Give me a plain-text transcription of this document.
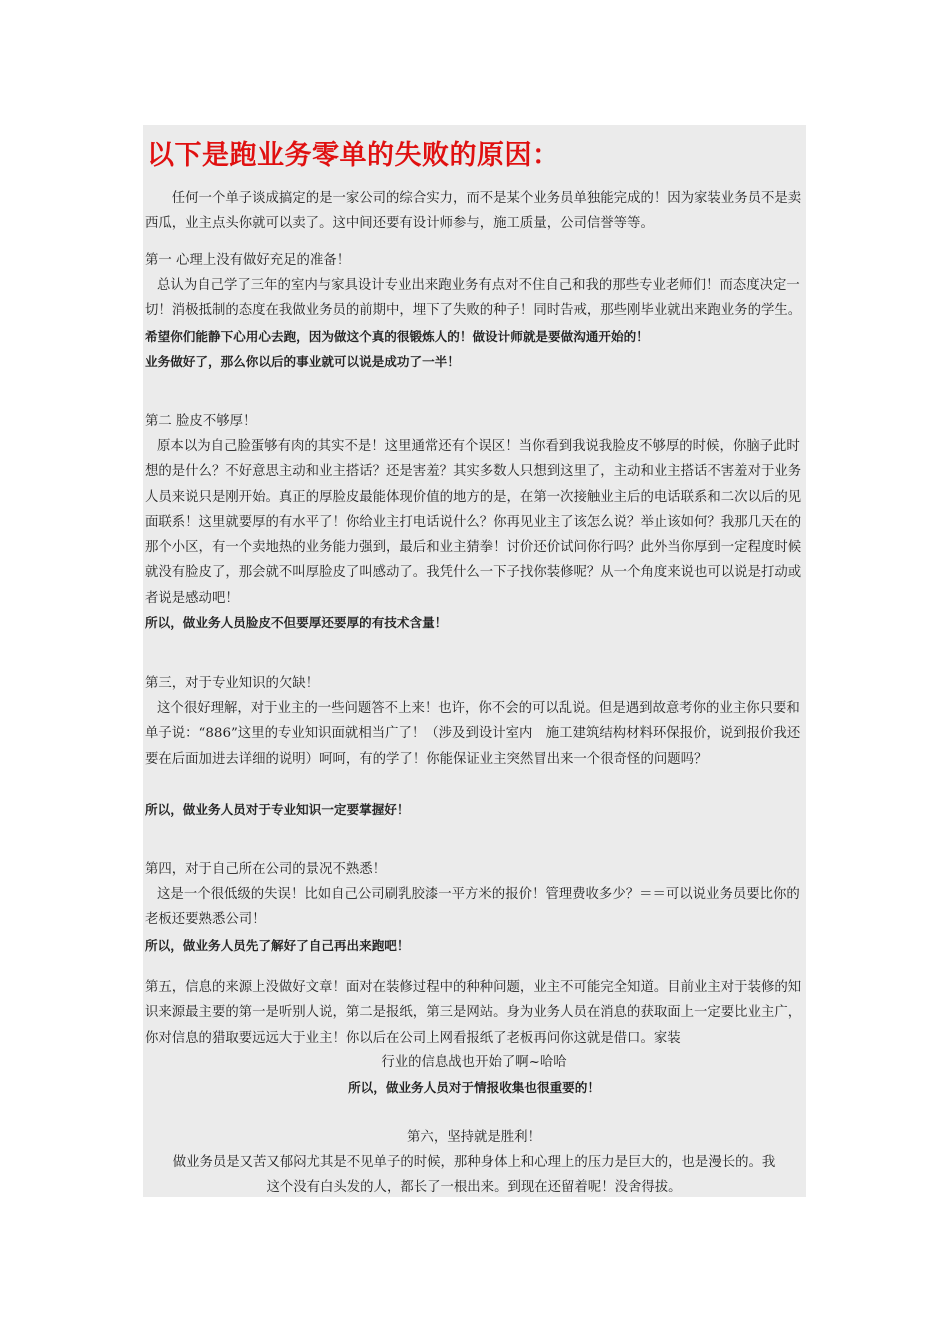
以下是跑业务零单的失败的原因：

任何一个单子谈成搞定的是一家公司的综合实力，而不是某个业务员单独能完成的！因为家装业务员不是卖西瓜，业主点头你就可以卖了。这中间还要有设计师参与，施工质量，公司信誉等等。

第一 心理上没有做好充足的准备！

总认为自己学了三年的室内与家具设计专业出来跑业务有点对不住自己和我的那些专业老师们！而态度决定一切！消极抵制的态度在我做业务员的前期中，埋下了失败的种子！同时告戒，那些刚毕业就出来跑业务的学生。希望你们能静下心用心去跑，因为做这个真的很锻炼人的！做设计师就是要做沟通开始的！

业务做好了，那么你以后的事业就可以说是成功了一半！

第二 脸皮不够厚！

原本以为自己脸蛋够有肉的其实不是！这里通常还有个误区！当你看到我说我脸皮不够厚的时候，你脑子此时想的是什么？不好意思主动和业主搭话？还是害羞？其实多数人只想到这里了，主动和业主搭话不害羞对于业务人员来说只是刚开始。真正的厚脸皮最能体现价值的地方的是，在第一次接触业主后的电话联系和二次以后的见面联系！这里就要厚的有水平了！你给业主打电话说什么？你再见业主了该怎么说？举止该如何？我那几天在的那个小区，有一个卖地热的业务能力强到，最后和业主猜拳！讨价还价试问你行吗？此外当你厚到一定程度时候就没有脸皮了，那会就不叫厚脸皮了叫感动了。我凭什么一下子找你装修呢？从一个角度来说也可以说是打动或者说是感动吧！

所以，做业务人员脸皮不但要厚还要厚的有技术含量！

第三，对于专业知识的欠缺！

这个很好理解，对于业主的一些问题答不上来！也许，你不会的可以乱说。但是遇到故意考你的业主你只要和单子说：“886”这里的专业知识面就相当广了！（涉及到设计室内　施工建筑结构材料环保报价，说到报价我还要在后面加进去详细的说明）呵呵，有的学了！你能保证业主突然冒出来一个很奇怪的问题吗？

所以，做业务人员对于专业知识一定要掌握好！

第四，对于自己所在公司的景况不熟悉！

这是一个很低级的失误！比如自己公司刷乳胶漆一平方米的报价！管理费收多少？＝＝可以说业务员要比你的老板还要熟悉公司！

所以，做业务人员先了解好了自己再出来跑吧！

第五，信息的来源上没做好文章！面对在装修过程中的种种问题，业主不可能完全知道。目前业主对于装修的知识来源最主要的第一是听别人说，第二是报纸，第三是网站。身为业务人员在消息的获取面上一定要比业主广，你对信息的猎取要远远大于业主！你以后在公司上网看报纸了老板再问你这就是借口。家装

行业的信息战也开始了啊~哈哈

所以，做业务人员对于情报收集也很重要的！

第六，坚持就是胜利！

做业务员是又苦又郁闷尤其是不见单子的时候，那种身体上和心理上的压力是巨大的，也是漫长的。我

这个没有白头发的人，都长了一根出来。到现在还留着呢！没舍得拔。
